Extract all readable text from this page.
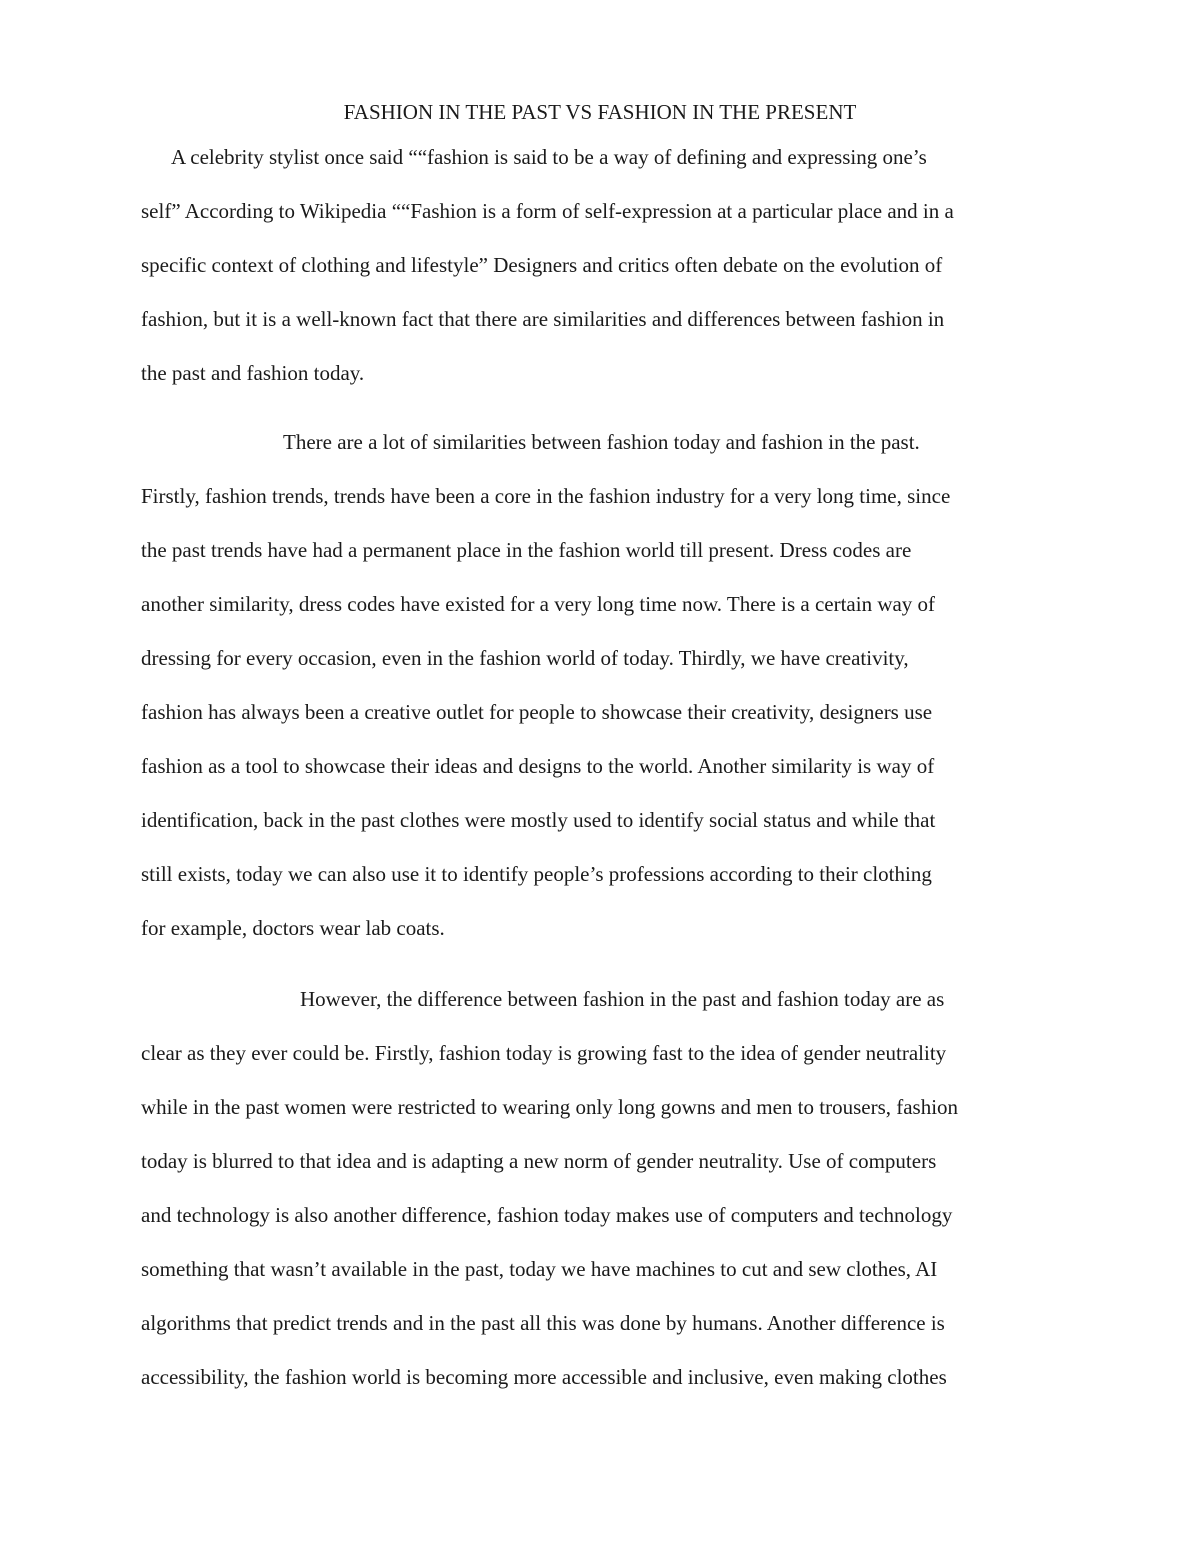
FASHION IN THE PAST VS FASHION IN THE PRESENT

A celebrity stylist once said ““fashion is said to be a way of defining and expressing one’s

self” According to Wikipedia ““Fashion is a form of self-expression at a particular place and in a

specific context of clothing and lifestyle” Designers and critics often debate on the evolution of

fashion, but it is a well-known fact that there are similarities and differences between fashion in

the past and fashion today.

There are a lot of similarities between fashion today and fashion in the past.

Firstly, fashion trends, trends have been a core in the fashion industry for a very long time, since

the past trends have had a permanent place in the fashion world till present. Dress codes are

another similarity, dress codes have existed for a very long time now. There is a certain way of

dressing for every occasion, even in the fashion world of today. Thirdly, we have creativity,

fashion has always been a creative outlet for people to showcase their creativity, designers use

fashion as a tool to showcase their ideas and designs to the world. Another similarity is way of

identification, back in the past clothes were mostly used to identify social status and while that

still exists, today we can also use it to identify people’s professions according to their clothing

for example, doctors wear lab coats.

However, the difference between fashion in the past and fashion today are as

clear as they ever could be. Firstly, fashion today is growing fast to the idea of gender neutrality

while in the past women were restricted to wearing only long gowns and men to trousers, fashion

today is blurred to that idea and is adapting a new norm of gender neutrality. Use of computers

and technology is also another difference, fashion today makes use of computers and technology

something that wasn’t available in the past, today we have machines to cut and sew clothes, AI

algorithms that predict trends and in the past all this was done by humans. Another difference is

accessibility, the fashion world is becoming more accessible and inclusive, even making clothes
